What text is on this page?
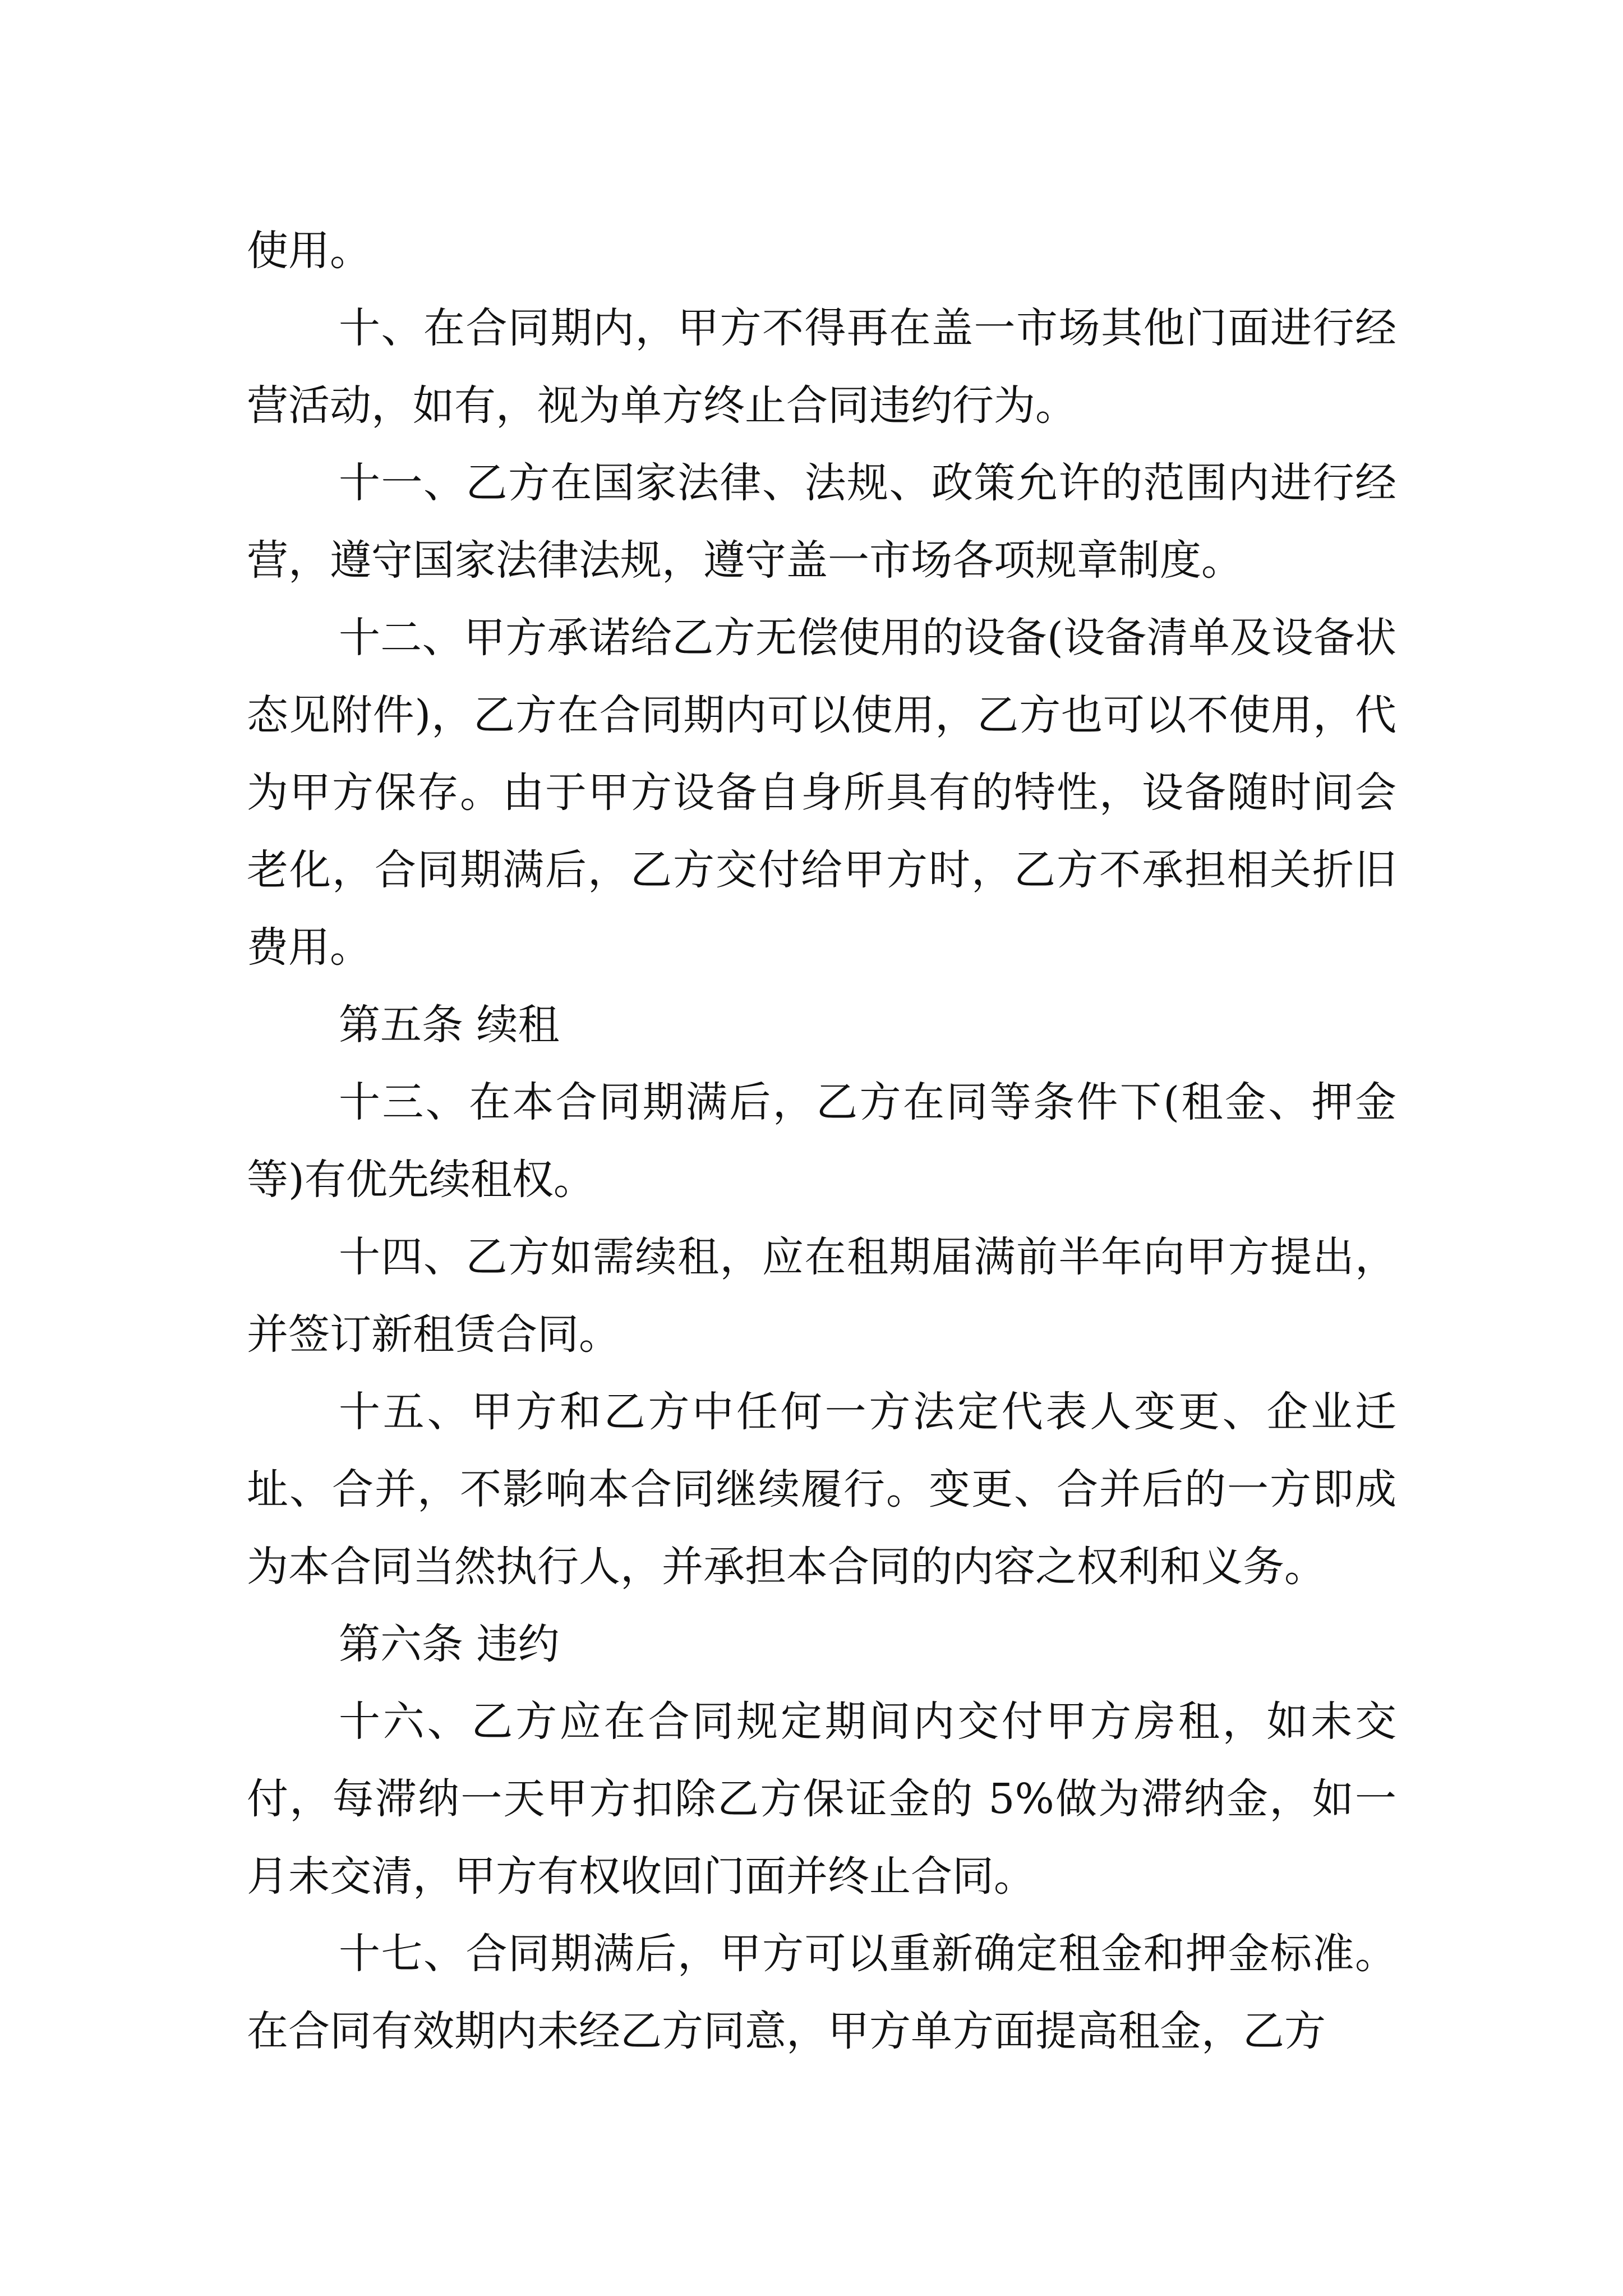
使用。

十、在合同期内，甲方不得再在盖一市场其他门面进行经营活动，如有，视为单方终止合同违约行为。

十一、乙方在国家法律、法规、政策允许的范围内进行经营，遵守国家法律法规，遵守盖一市场各项规章制度。

十二、甲方承诺给乙方无偿使用的设备(设备清单及设备状态见附件)，乙方在合同期内可以使用，乙方也可以不使用，代为甲方保存。由于甲方设备自身所具有的特性，设备随时间会老化，合同期满后，乙方交付给甲方时，乙方不承担相关折旧费用。

第五条 续租

十三、在本合同期满后，乙方在同等条件下(租金、押金等)有优先续租权。

十四、乙方如需续租，应在租期届满前半年向甲方提出，并签订新租赁合同。

十五、甲方和乙方中任何一方法定代表人变更、企业迁址、合并，不影响本合同继续履行。变更、合并后的一方即成为本合同当然执行人，并承担本合同的内容之权利和义务。

第六条 违约

十六、乙方应在合同规定期间内交付甲方房租，如未交付，每滞纳一天甲方扣除乙方保证金的 5%做为滞纳金，如一月未交清，甲方有权收回门面并终止合同。

十七、合同期满后，甲方可以重新确定租金和押金标准。在合同有效期内未经乙方同意，甲方单方面提高租金，乙方
